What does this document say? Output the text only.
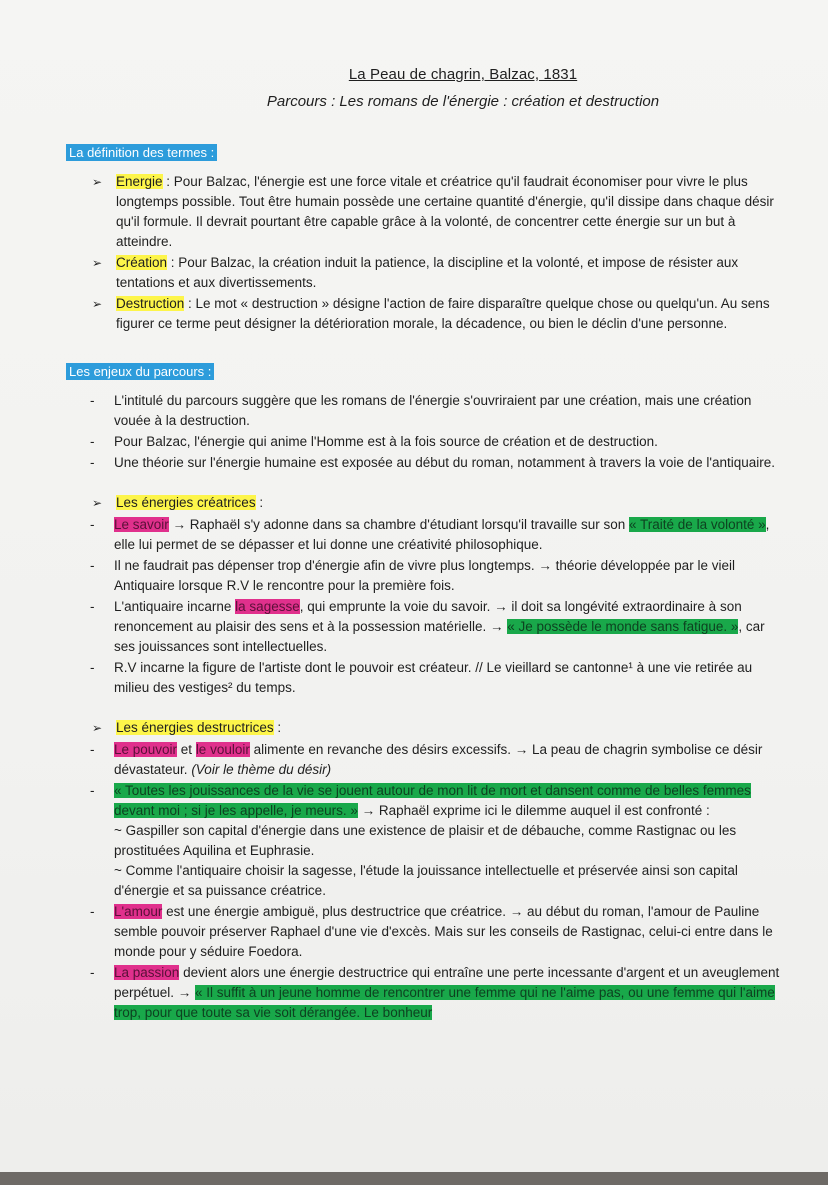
La Peau de chagrin, Balzac, 1831
Parcours : Les romans de l'énergie : création et destruction
La définition des termes :
➢ Energie : Pour Balzac, l'énergie est une force vitale et créatrice qu'il faudrait économiser pour vivre le plus longtemps possible. Tout être humain possède une certaine quantité d'énergie, qu'il dissipe dans chaque désir qu'il formule. Il devrait pourtant être capable grâce à la volonté, de concentrer cette énergie sur un but à atteindre.
➢ Création : Pour Balzac, la création induit la patience, la discipline et la volonté, et impose de résister aux tentations et aux divertissements.
➢ Destruction : Le mot « destruction » désigne l'action de faire disparaître quelque chose ou quelqu'un. Au sens figurer ce terme peut désigner la détérioration morale, la décadence, ou bien le déclin d'une personne.
Les enjeux du parcours :
- L'intitulé du parcours suggère que les romans de l'énergie s'ouvriraient par une création, mais une création vouée à la destruction.
- Pour Balzac, l'énergie qui anime l'Homme est à la fois source de création et de destruction.
- Une théorie sur l'énergie humaine est exposée au début du roman, notamment à travers la voie de l'antiquaire.
➢ Les énergies créatrices :
- Le savoir → Raphaël s'y adonne dans sa chambre d'étudiant lorsqu'il travaille sur son « Traité de la volonté », elle lui permet de se dépasser et lui donne une créativité philosophique.
- Il ne faudrait pas dépenser trop d'énergie afin de vivre plus longtemps. → théorie développée par le vieil Antiquaire lorsque R.V le rencontre pour la première fois.
- L'antiquaire incarne la sagesse, qui emprunte la voie du savoir. → il doit sa longévité extraordinaire à son renoncement au plaisir des sens et à la possession matérielle. → « Je possède le monde sans fatigue. », car ses jouissances sont intellectuelles.
- R.V incarne la figure de l'artiste dont le pouvoir est créateur. // Le vieillard se cantonne¹ à une vie retirée au milieu des vestiges² du temps.
➢ Les énergies destructrices :
- Le pouvoir et le vouloir alimente en revanche des désirs excessifs. → La peau de chagrin symbolise ce désir dévastateur. (Voir le thème du désir)
- « Toutes les jouissances de la vie se jouent autour de mon lit de mort et dansent comme de belles femmes devant moi ; si je les appelle, je meurs. » → Raphaël exprime ici le dilemme auquel il est confronté :
~ Gaspiller son capital d'énergie dans une existence de plaisir et de débauche, comme Rastignac ou les prostituées Aquilina et Euphrasie.
~ Comme l'antiquaire choisir la sagesse, l'étude la jouissance intellectuelle et préservée ainsi son capital d'énergie et sa puissance créatrice.
- L'amour est une énergie ambiguë, plus destructrice que créatrice. → au début du roman, l'amour de Pauline semble pouvoir préserver Raphael d'une vie d'excès. Mais sur les conseils de Rastignac, celui-ci entre dans le monde pour y séduire Foedora.
- La passion devient alors une énergie destructrice qui entraîne une perte incessante d'argent et un aveuglement perpétuel. → « Il suffit à un jeune homme de rencontrer une femme qui ne l'aime pas, ou une femme qui l'aime trop, pour que toute sa vie soit dérangée. Le bonheur
